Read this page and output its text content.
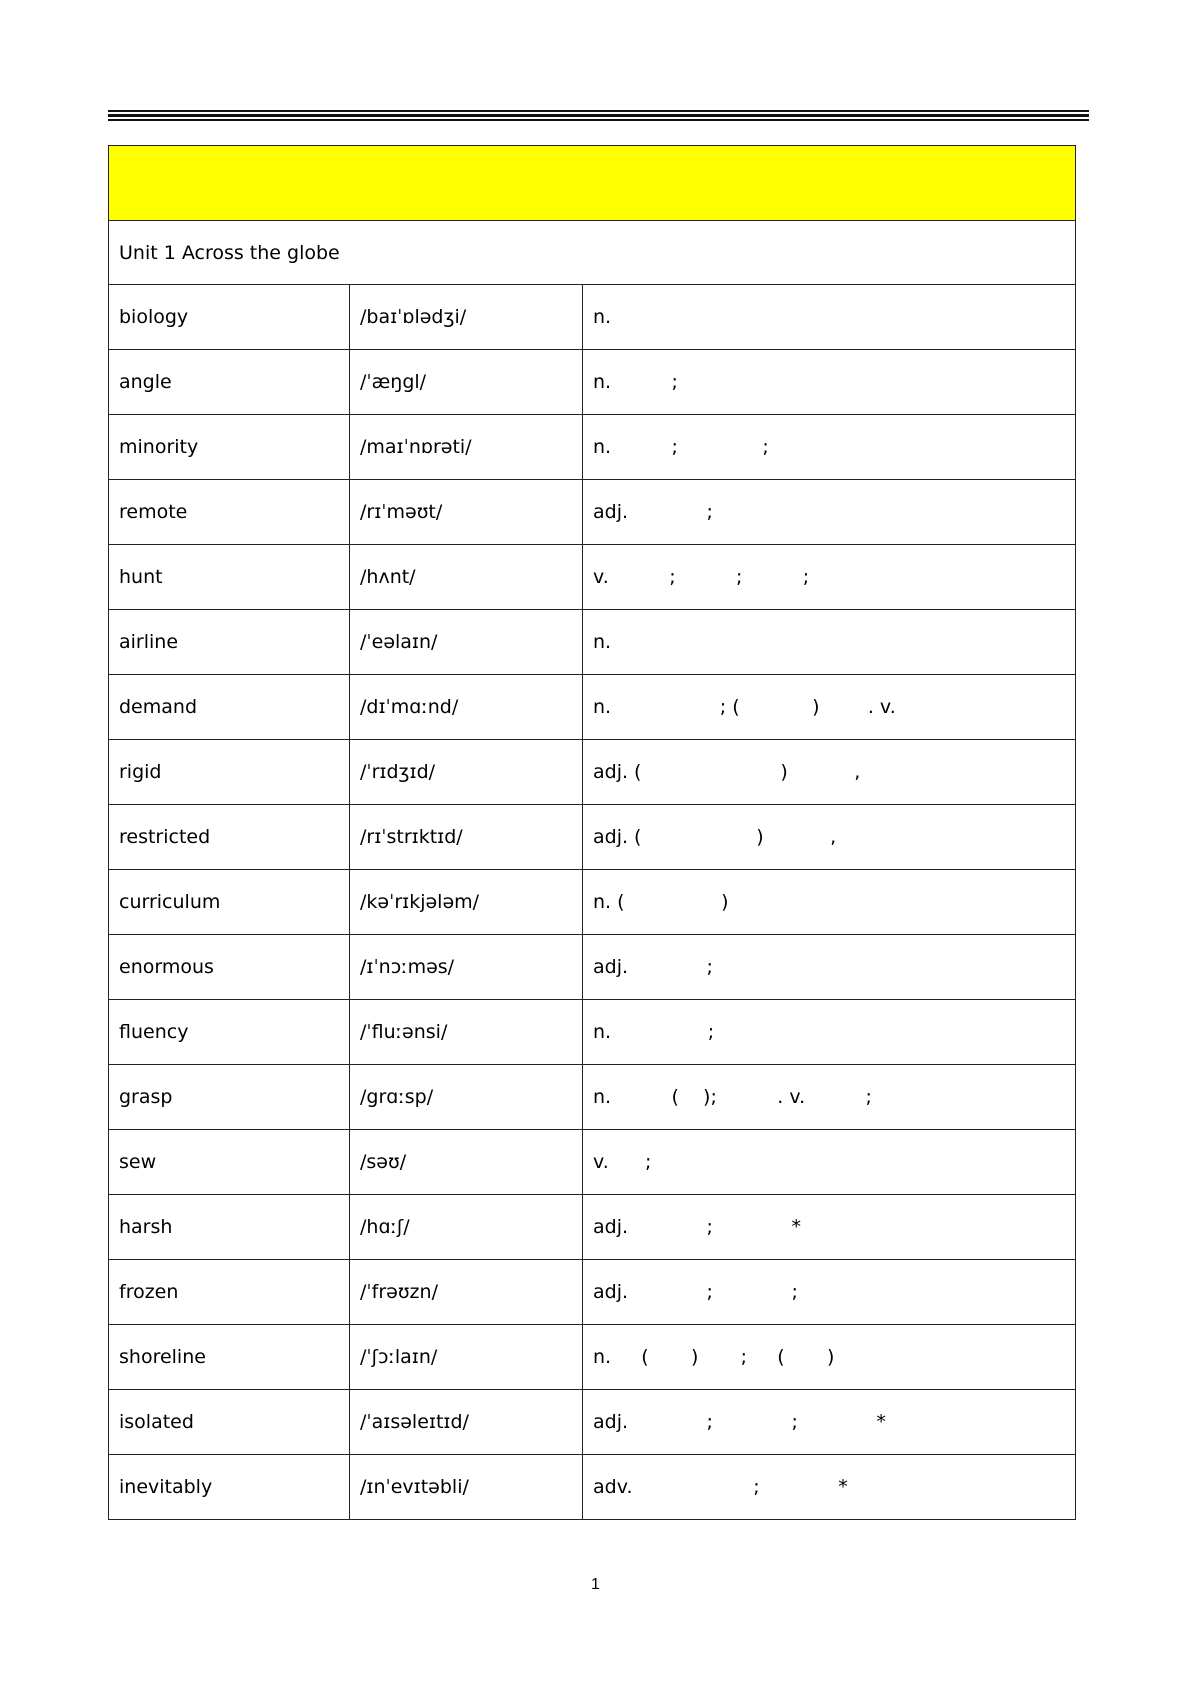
Unit 1 Across the globe		
biology	/baɪˈɒlədʒi/	n.
angle	/ˈæŋgl/	n.          ;
minority	/maɪˈnɒrəti/	n.          ;              ;
remote	/rɪˈməʊt/	adj.             ;
hunt	/hʌnt/	v.          ;          ;          ;
airline	/ˈeəlaɪn/	n.
demand	/dɪˈmɑːnd/	n.                  ; (            )        . v.
rigid	/ˈrɪdʒɪd/	adj. (                       )           ,
restricted	/rɪˈstrɪktɪd/	adj. (                   )           ,
curriculum	/kəˈrɪkjələm/	n. (                )
enormous	/ɪˈnɔːməs/	adj.             ;
fluency	/ˈfluːənsi/	n.                ;
grasp	/grɑːsp/	n.          (    );          . v.          ;
sew	/səʊ/	v.      ;
harsh	/hɑːʃ/	adj.             ;             *
frozen	/ˈfrəʊzn/	adj.             ;             ;
shoreline	/ˈʃɔːlaɪn/	n.     (       )       ;     (       )
isolated	/ˈaɪsəleɪtɪd/	adj.             ;             ;             *
inevitably	/ɪnˈevɪtəbli/	adv.                    ;             *
1
